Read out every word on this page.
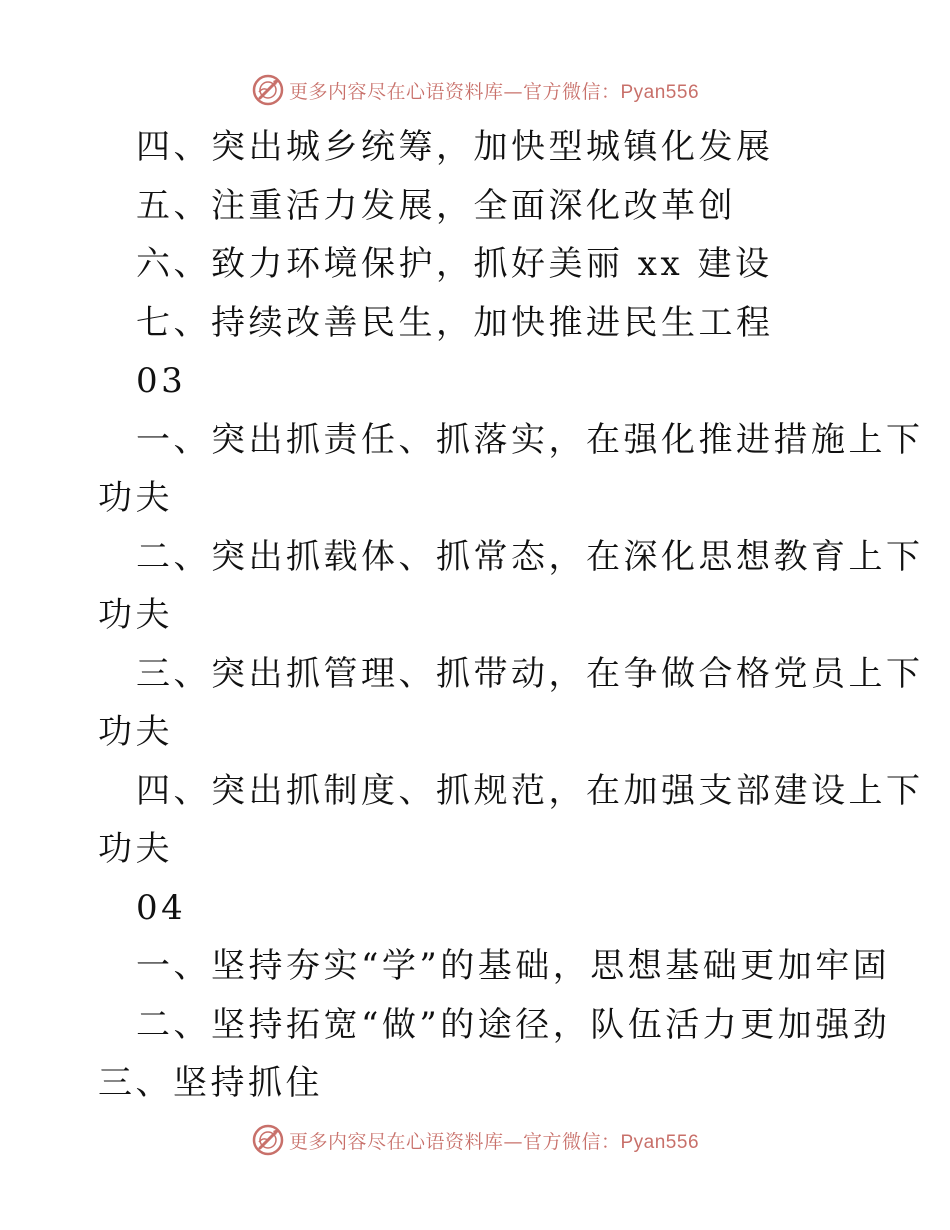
更多内容尽在心语资料库—官方微信：Pyan556
四、突出城乡统筹，加快型城镇化发展
五、注重活力发展，全面深化改革创
六、致力环境保护，抓好美丽 xx 建设
七、持续改善民生，加快推进民生工程
03
一、突出抓责任、抓落实，在强化推进措施上下
功夫
二、突出抓载体、抓常态，在深化思想教育上下
功夫
三、突出抓管理、抓带动，在争做合格党员上下
功夫
四、突出抓制度、抓规范，在加强支部建设上下
功夫
04
一、坚持夯实“学”的基础，思想基础更加牢固
二、坚持拓宽“做”的途径，队伍活力更加强劲
三、坚持抓住
更多内容尽在心语资料库—官方微信：Pyan556
